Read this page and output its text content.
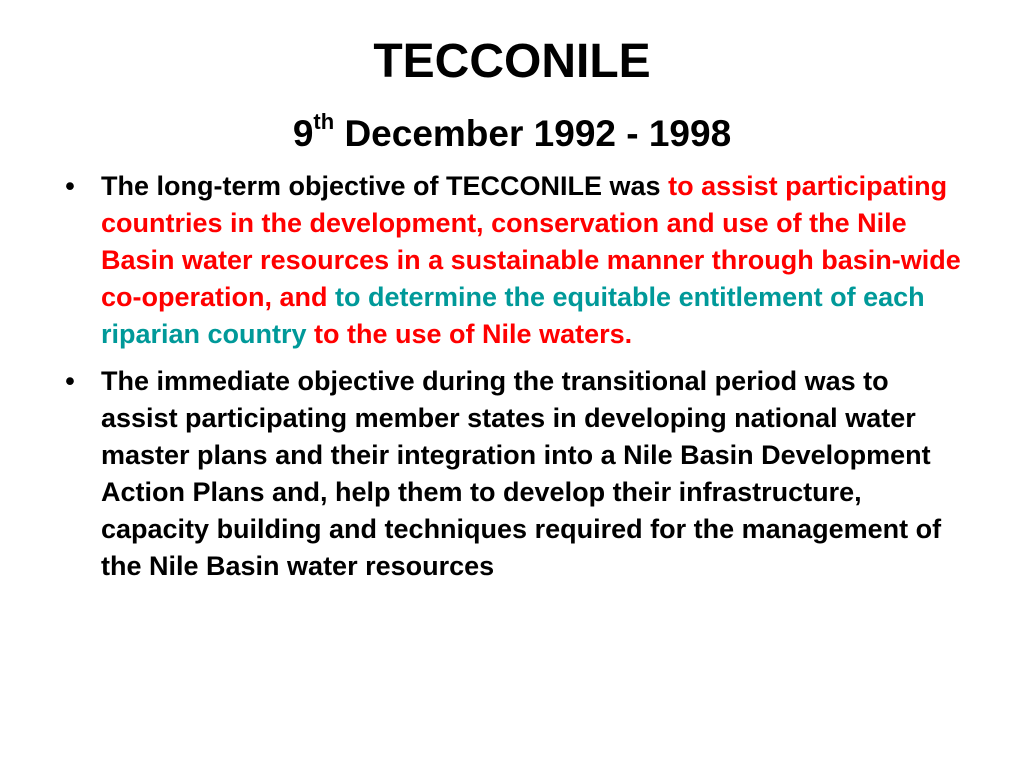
TECCONILE
9th December 1992 - 1998
• The long-term objective of TECCONILE was to assist participating countries in the development, conservation and use of the Nile Basin water resources in a sustainable manner through basin-wide co-operation, and to determine the equitable entitlement of each riparian country to the use of Nile waters.
• The immediate objective during the transitional period was to assist participating member states in developing national water master plans and their integration into a Nile Basin Development Action Plans and, help them to develop their infrastructure, capacity building and techniques required for the management of the Nile Basin water resources
